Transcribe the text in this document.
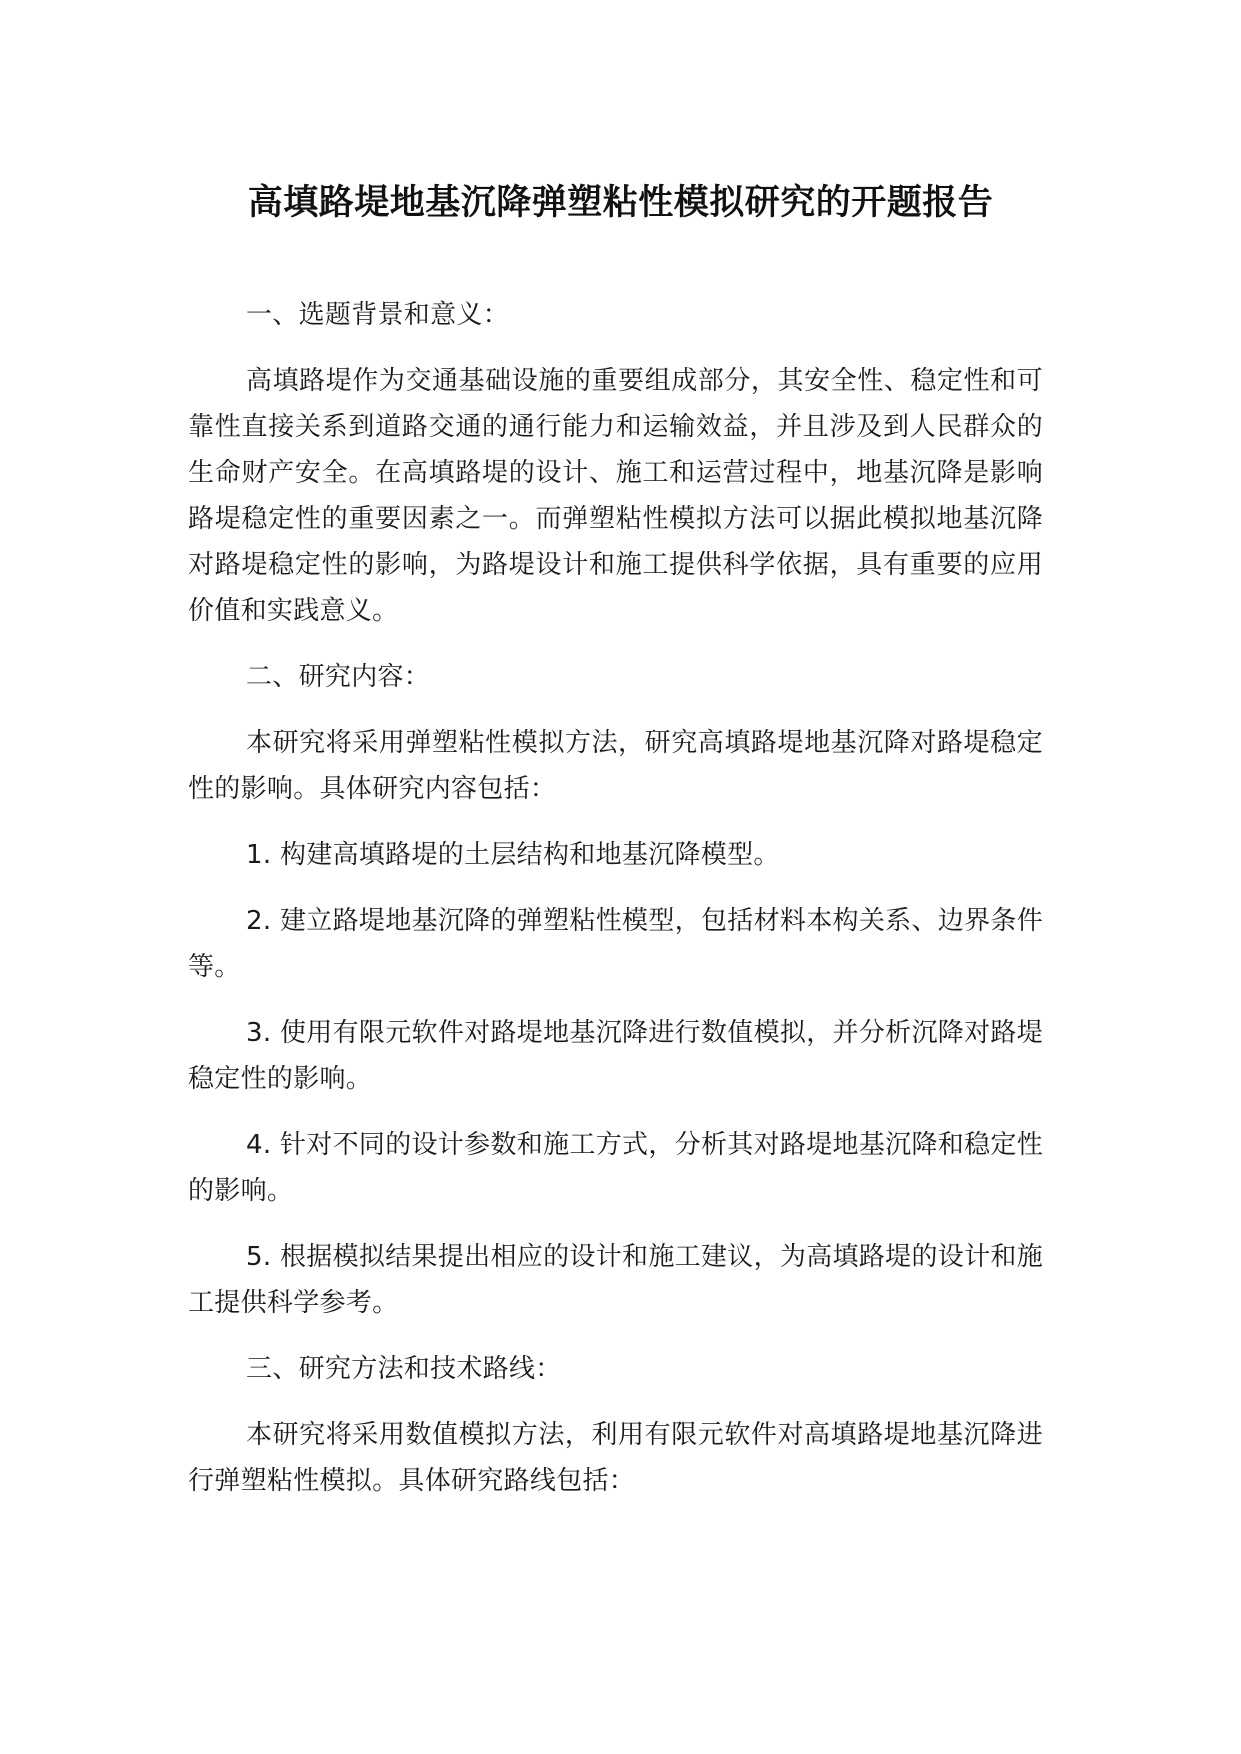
高填路堤地基沉降弹塑粘性模拟研究的开题报告

一、选题背景和意义：

高填路堤作为交通基础设施的重要组成部分，其安全性、稳定性和可靠性直接关系到道路交通的通行能力和运输效益，并且涉及到人民群众的生命财产安全。在高填路堤的设计、施工和运营过程中，地基沉降是影响路堤稳定性的重要因素之一。而弹塑粘性模拟方法可以据此模拟地基沉降对路堤稳定性的影响，为路堤设计和施工提供科学依据，具有重要的应用价值和实践意义。

二、研究内容：

本研究将采用弹塑粘性模拟方法，研究高填路堤地基沉降对路堤稳定性的影响。具体研究内容包括：

1. 构建高填路堤的土层结构和地基沉降模型。

2. 建立路堤地基沉降的弹塑粘性模型，包括材料本构关系、边界条件等。

3. 使用有限元软件对路堤地基沉降进行数值模拟，并分析沉降对路堤稳定性的影响。

4. 针对不同的设计参数和施工方式，分析其对路堤地基沉降和稳定性的影响。

5. 根据模拟结果提出相应的设计和施工建议，为高填路堤的设计和施工提供科学参考。

三、研究方法和技术路线：

本研究将采用数值模拟方法，利用有限元软件对高填路堤地基沉降进行弹塑粘性模拟。具体研究路线包括：
